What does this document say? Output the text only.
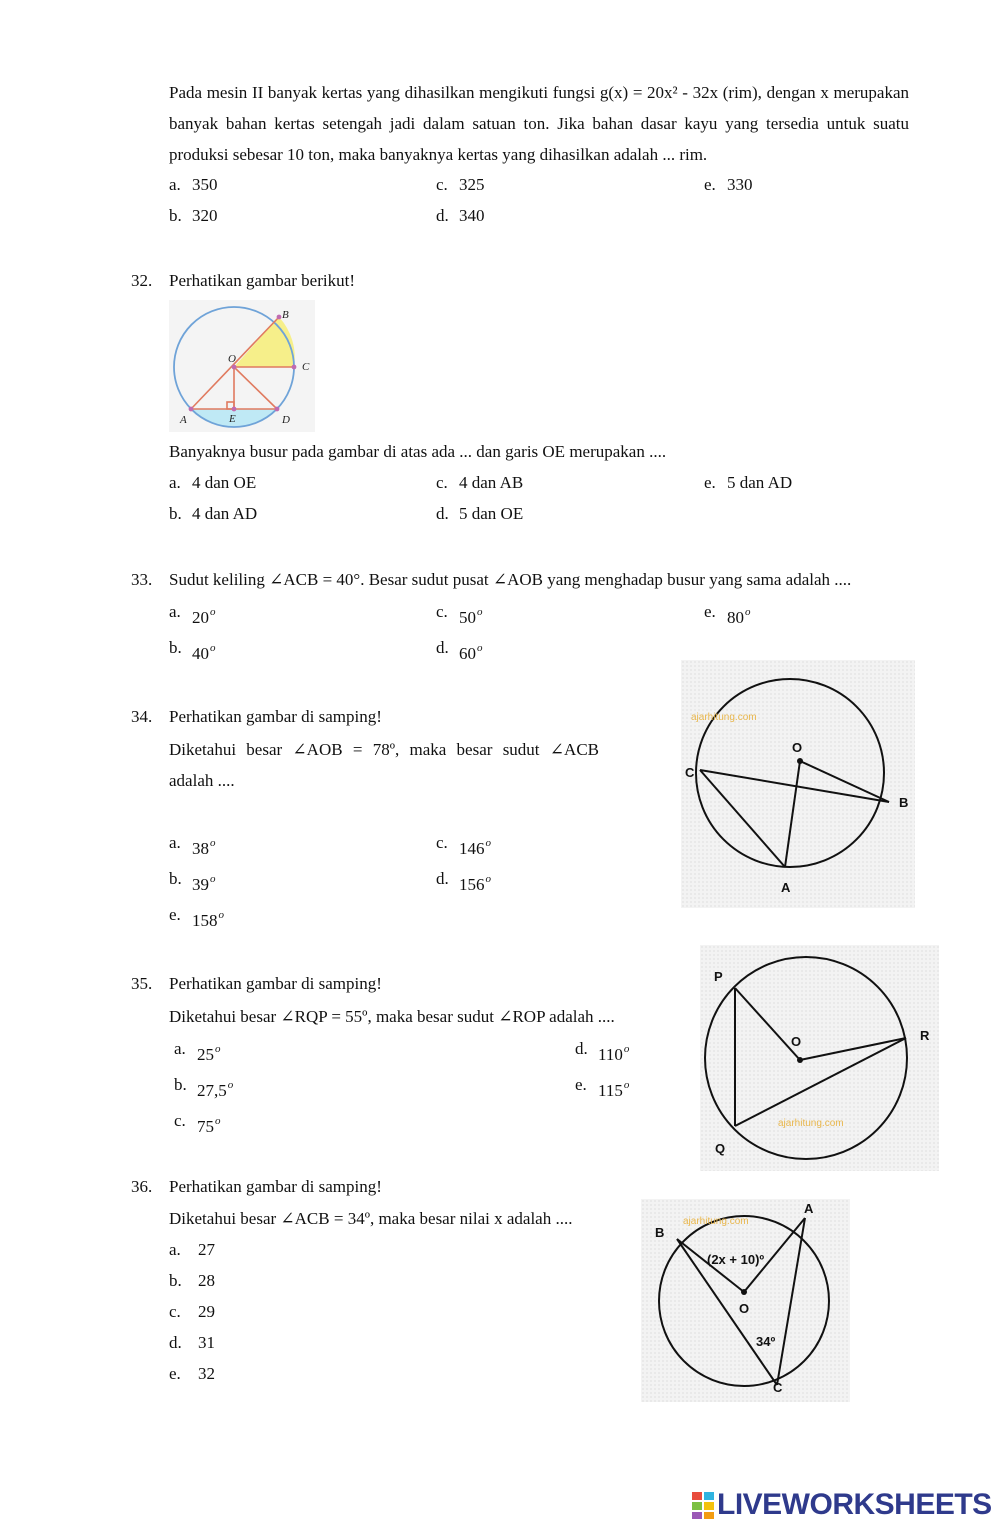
Pada mesin II banyak kertas yang dihasilkan mengikuti fungsi g(x) = 20x² - 32x (rim), dengan x merupakan banyak bahan kertas setengah jadi dalam satuan ton. Jika bahan dasar kayu yang tersedia untuk suatu produksi sebesar 10 ton, maka banyaknya kertas yang dihasilkan adalah ... rim.
a. 350	c. 325	e. 330
b. 320	d. 340
32. Perhatikan gambar berikut!
B
O
C
A	E	D
Banyaknya busur pada gambar di atas ada ... dan garis OE merupakan ....
a. 4 dan OE	c. 4 dan AB	e. 5 dan AD
b. 4 dan AD	d. 5 dan OE
33. Sudut keliling ∠ACB = 40°. Besar sudut pusat ∠AOB yang menghadap busur yang sama adalah ....
a. 20$^o$	c. 50$^o$	e. 80$^o$
b. 40$^o$	d. 60$^o$
34. Perhatikan gambar di samping!
Diketahui besar ∠AOB = 78º, maka besar sudut ∠ACB
adalah ....
ajarhitung.com
O
C
B
A
a. 38$^o$	c. 146$^o$
b. 39$^o$	d. 156$^o$
e. 158$^o$
35. Perhatikan gambar di samping!
Diketahui besar ∠RQP = 55º, maka besar sudut ∠ROP adalah ....
ajarhitung.com
P
O	R
Q
a. 25$^o$	d. 110$^o$
b. 27,5$^o$	e. 115$^o$
c. 75$^o$
36. Perhatikan gambar di samping!
Diketahui besar ∠ACB = 34º, maka besar nilai x adalah ....	ajarhitung.com
A
B
(2x + 10)º
O
34º
C
a. 27
b. 28
c. 29
d. 31
e. 32
LIVEWORKSHEETS
